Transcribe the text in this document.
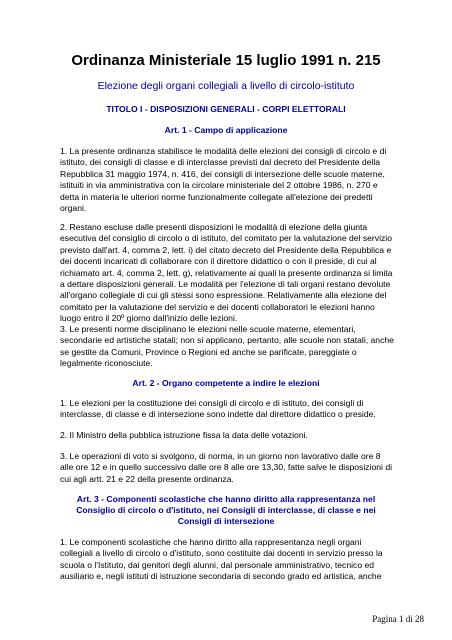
Ordinanza Ministeriale 15 luglio 1991 n. 215
Elezione degli organi collegiali a livello di circolo-istituto
TITOLO I - DISPOSIZIONI GENERALI - CORPI ELETTORALI
Art. 1 - Campo di applicazione
1. La presente ordinanza stabilisce le modalità delle elezioni dei consigli di circolo e di
istituto, dei consigli di classe e di interclasse previsti dal decreto del Presidente della
Repubblica 31 maggio 1974, n. 416, dei consigli di intersezione delle scuole materne,
istituiti in via amministrativa con la circolare ministeriale del 2 ottobre 1986, n. 270 e
detta in materia le ulteriori norme funzionalmente collegate all'elezione dei predetti
organi.
2. Restano escluse dalle presenti disposizioni le modalità di elezione della giunta
esecutiva del consiglio di circolo o di istituto, del comitato per la valutazione del servizio
previsto dall'art. 4, comma 2, lett. i) del citato decreto del Presidente della Repubblica e
dei docenti incaricati di collaborare con il direttore didattico o con il preside, di cui al
richiamato art. 4, comma 2, lett. g), relativamente ai quali la presente ordinanza si limita
a dettare disposizioni generali. Le modalità per l'elezione di tali organi restano devolute
all'organo collegiale di cui gli stessi sono espressione. Relativamente alla elezione del
comitato per la valutazione del servizio e dei docenti collaboratori le elezioni hanno
luogo entro il 20º giorno dall'inizio delle lezioni.
3. Le presenti norme disciplinano le elezioni nelle scuole materne, elementari,
secondarie ed artistiche statali; non si applicano, pertanto, alle scuole non statali, anche
se gestite da Comuni, Province o Regioni ed anche se parificate, pareggiate o
legalmente riconosciute.
Art. 2 - Organo competente a indire le elezioni
1. Le elezioni per la costituzione dei consigli di circolo e di istituto, dei consigli di
interclasse, di classe e di intersezione sono indette dal direttore didattico o preside.
2. Il Ministro della pubblica istruzione fissa la data delle votazioni.
3. Le operazioni di voto si svolgono, di norma, in un giorno non lavorativo dalle ore 8
alle ore 12 e in quello successivo dalle ore 8 alle ore 13,30, fatte salve le disposizioni di
cui agli artt. 21 e 22 della presente ordinanza.
Art. 3 - Componenti scolastiche che hanno diritto alla rappresentanza nel
Consiglio di circolo o d'istituto, nei Consigli di interclasse, di classe e nei
Consigli di intersezione
1. Le componenti scolastiche che hanno diritto alla rappresentanza negli organi
collegiali a livello di circolo o d'istituto, sono costituite dai docenti in servizio presso la
scuola o l'Istituto, dai genitori degli alunni, dal personale amministrativo, tecnico ed
ausiliario e, negli istituti di istruzione secondaria di secondo grado ed artistica, anche
Pagina 1 di 28
